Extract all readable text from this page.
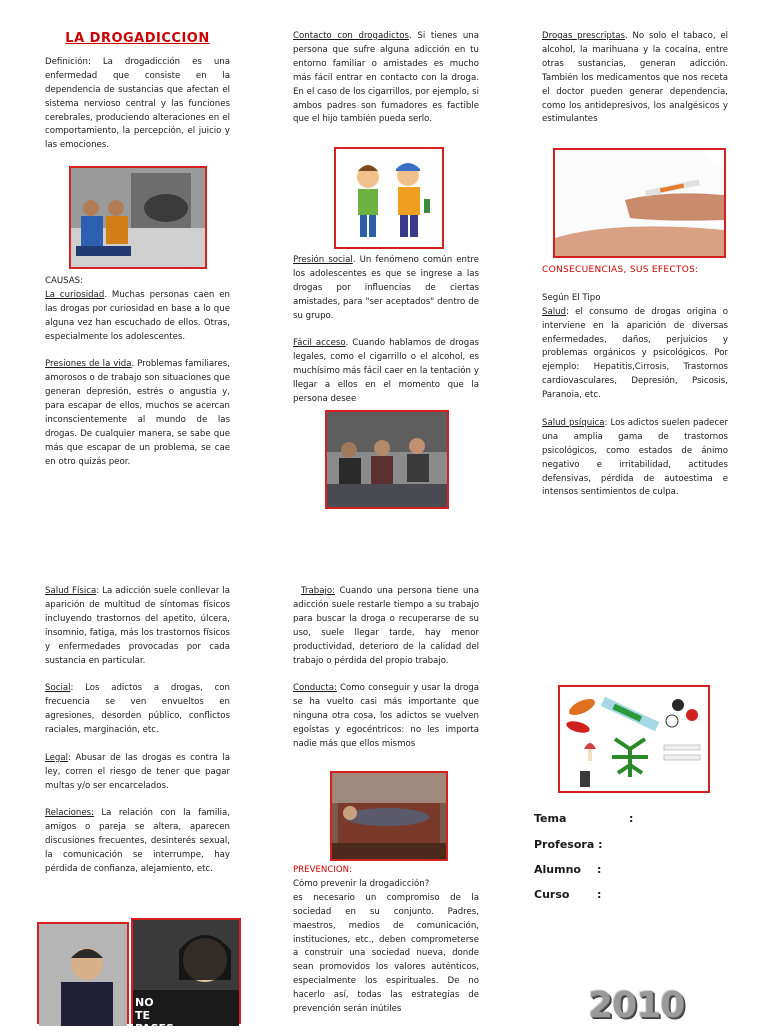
LA DROGADICCION

Definición: La drogadicción es una enfermedad que consiste en la dependencia de sustancias que afectan el sistema nervioso central y las funciones cerebrales, produciendo alteraciones en el comportamiento, la percepción, el juicio y las emociones.

CAUSAS:

La curiosidad. Muchas personas caen en las drogas por curiosidad en base a lo que alguna vez han escuchado de ellos. Otras, especialmente los adolescentes.

Presiones de la vida. Problemas familiares, amorosos o de trabajo son situaciones que generan depresión, estrés o angustia y, para escapar de ellos, muchos se acercan inconscientemente al mundo de las drogas. De cualquier manera, se sabe que más que escapar de un problema, se cae en otro quizás peor.

Contacto con drogadictos. Si tienes una persona que sufre alguna adicción en tu entorno familiar o amistades es mucho más fácil entrar en contacto con la droga. En el caso de los cigarrillos, por ejemplo, si ambos padres son fumadores es factible que el hijo también pueda serlo.

Presión social. Un fenómeno común entre los adolescentes es que se ingrese a las drogas por influencias de ciertas amistades, para "ser aceptados" dentro de su grupo.

Fácil acceso. Cuando hablamos de drogas legales, como el cigarrillo o el alcohol, es muchísimo más fácil caer en la tentación y llegar a ellos en el momento que la persona desee

Drogas prescriptas. No solo el tabaco, el alcohol, la marihuana y la cocaína, entre otras sustancias, generan adicción. También los medicamentos que nos receta el doctor pueden generar dependencia, como los antidepresivos, los analgésicos y estimulantes

CONSECUENCIAS, SUS EFECTOS:
Según El Tipo

Salud: el consumo de drogas origina o interviene en la aparición de diversas enfermedades, daños, perjuicios y problemas orgánicos y psicológicos. Por ejemplo: Hepatitis,Cirrosis, Trastornos cardiovasculares, Depresión, Psicosis, Paranoia, etc.

Salud psíquica: Los adictos suelen padecer una amplia gama de trastornos psicológicos, como estados de ánimo negativo e irritabilidad, actitudes defensivas, pérdida de autoestima e intensos sentimientos de culpa.

Salud Física: La adicción suele conllevar la aparición de multitud de síntomas físicos incluyendo trastornos del apetito, úlcera, insomnio, fatiga, más los trastornos físicos y enfermedades provocadas por cada sustancia en particular.

Social: Los adictos a drogas, con frecuencia se ven envueltos en agresiones, desorden público, conflictos raciales, marginación, etc.

Legal: Abusar de las drogas es contra la ley, corren el riesgo de tener que pagar multas y/o ser encarcelados.

Relaciones: La relación con la familia, amigos o pareja se altera, aparecen discusiones frecuentes, desinterés sexual, la comunicación se interrumpe, hay pérdida de confianza, alejamiento, etc.

NO TE PASES

Trabajo: Cuando una persona tiene una adicción suele restarle tiempo a su trabajo para buscar la droga o recuperarse de su uso, suele llegar tarde, hay menor productividad, deterioro de la calidad del trabajo o pérdida del propio trabajo.

Conducta: Como conseguir y usar la droga se ha vuelto casi más importante que ninguna otra cosa, los adictos se vuelven egoístas y egocéntricos: no les importa nadie más que ellos mismos

PREVENCION:
Cómo prevenir la drogadicción?

es necesario un compromiso de la sociedad en su conjunto. Padres, maestros, medios de comunicación, instituciones, etc., deben comprometerse a construir una sociedad nueva, donde sean promovidos los valores auténticos, especialmente los espirituales. De no hacerlo así, todas las estrategias de prevención serán inútiles

Tema	:
Profesora :
Alumno :
Curso	:
2010
